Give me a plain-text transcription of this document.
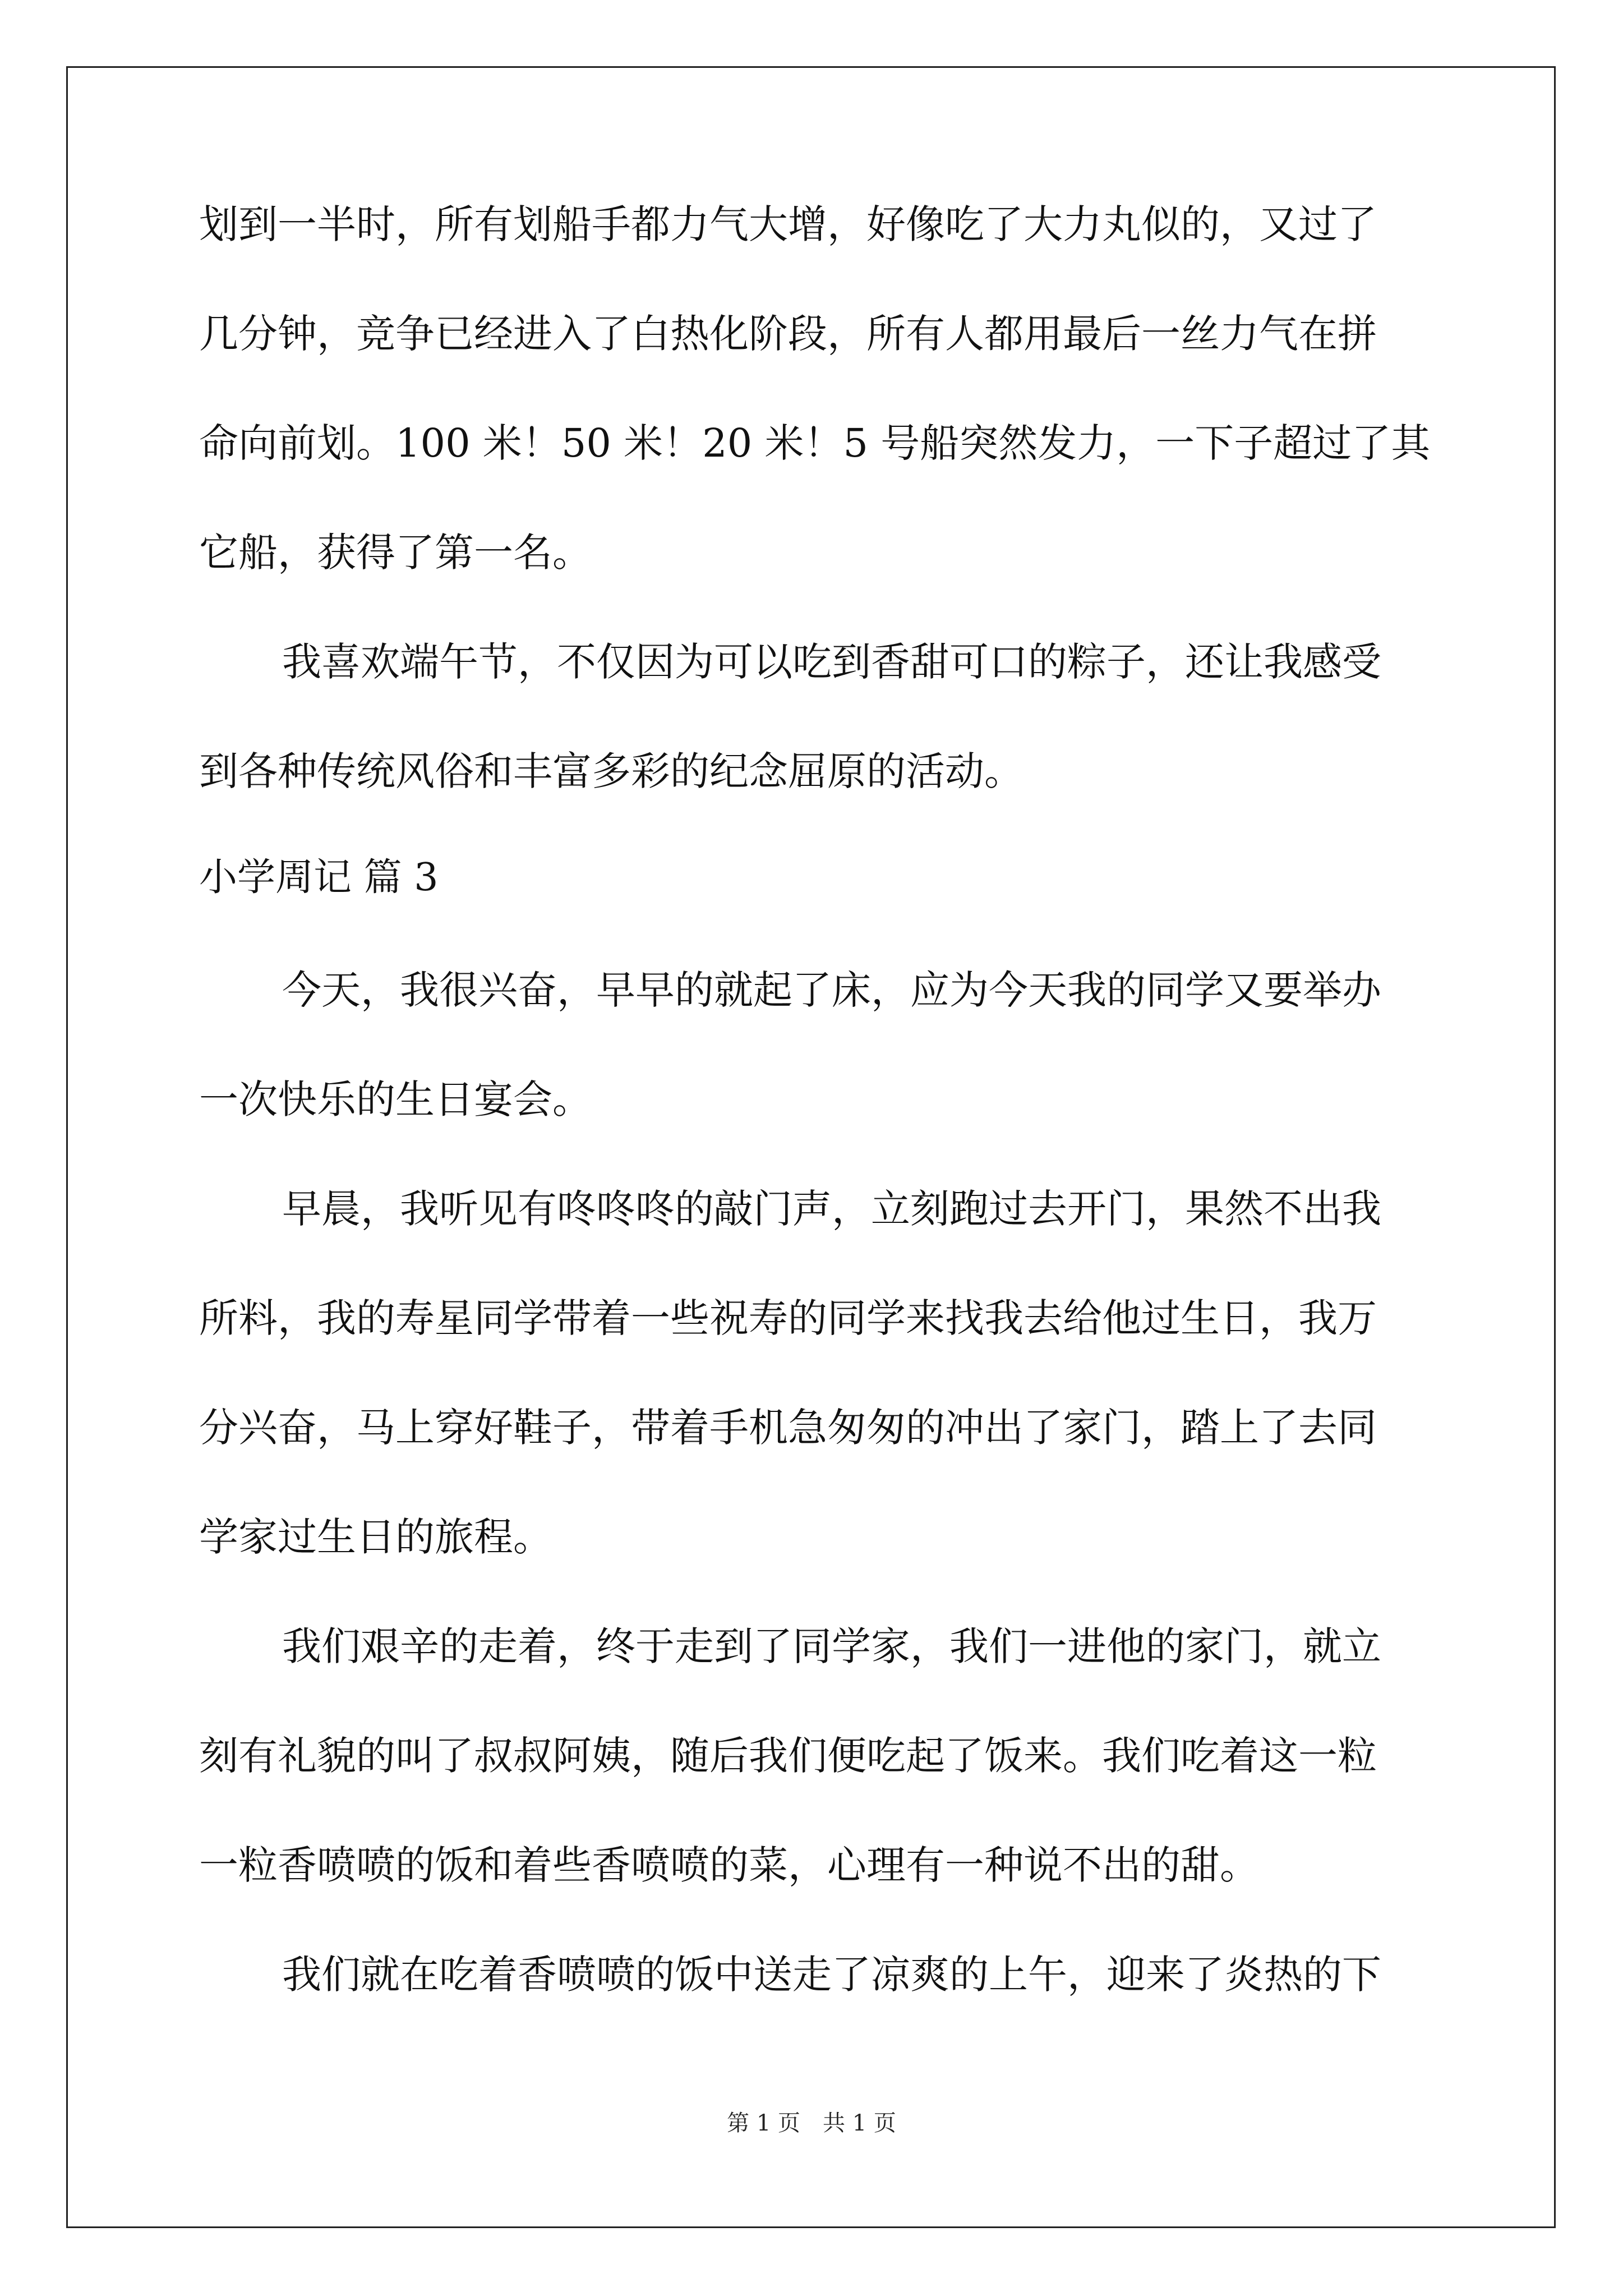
划到一半时，所有划船手都力气大增，好像吃了大力丸似的，又过了
几分钟，竞争已经进入了白热化阶段，所有人都用最后一丝力气在拼
命向前划。100 米！50 米！20 米！5 号船突然发力，一下子超过了其
它船，获得了第一名。
我喜欢端午节，不仅因为可以吃到香甜可口的粽子，还让我感受
到各种传统风俗和丰富多彩的纪念屈原的活动。
小学周记 篇 3
今天，我很兴奋，早早的就起了床，应为今天我的同学又要举办
一次快乐的生日宴会。
早晨，我听见有咚咚咚的敲门声，立刻跑过去开门，果然不出我
所料，我的寿星同学带着一些祝寿的同学来找我去给他过生日，我万
分兴奋，马上穿好鞋子，带着手机急匆匆的冲出了家门，踏上了去同
学家过生日的旅程。
我们艰辛的走着，终于走到了同学家，我们一进他的家门，就立
刻有礼貌的叫了叔叔阿姨，随后我们便吃起了饭来。我们吃着这一粒
一粒香喷喷的饭和着些香喷喷的菜，心理有一种说不出的甜。
我们就在吃着香喷喷的饭中送走了凉爽的上午，迎来了炎热的下
第 1 页　共 1 页
